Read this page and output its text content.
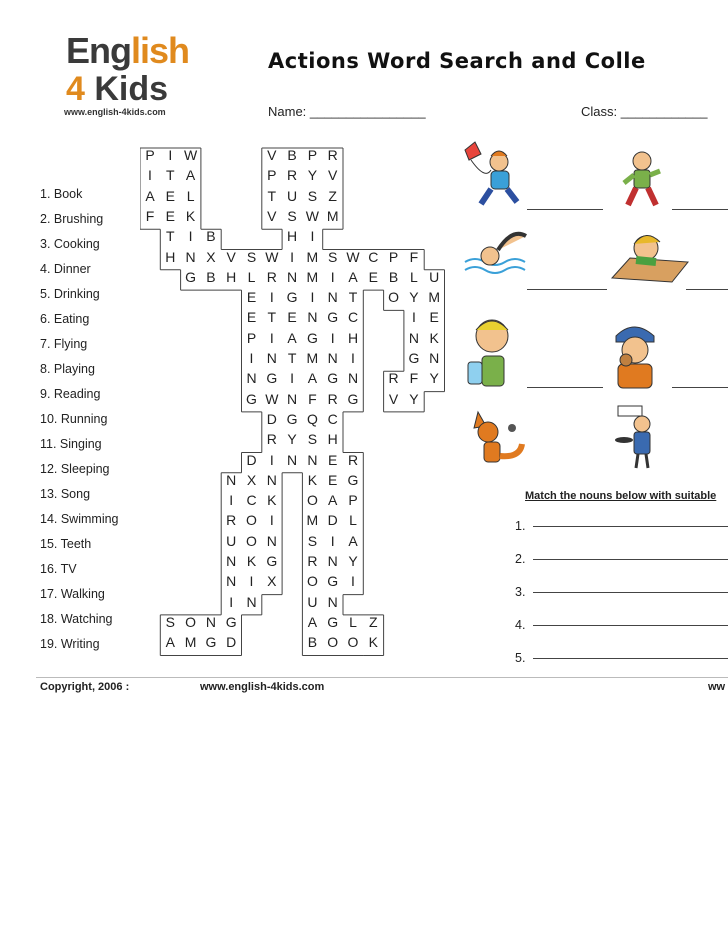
English
4 Kids
www.english-4kids.com
Actions Word Search and Colle
Name: ________________	Class: ____________
1. Book
2. Brushing
3. Cooking
4. Dinner
5. Drinking
6. Eating
7. Flying
8. Playing
9. Reading
10. Running
11. Singing
12. Sleeping
13. Song
14. Swimming
15. Teeth
16. TV
17. Walking
18. Watching
19. Writing
P I W	V B P R
I	T A	P R Y V
A E L	T U S Z
F E K	V S W M
T	I B	H I
H N X V S W I M S W C P F
G B H L R N M I A E B L U
E I G I N T	O Y M
E T E N G C	I E
P I A G I H	N K
I N T M N I	G N
N G I A G N	R F Y
G W N F R G	V Y
D G Q C
R Y S H
D I N N E R
N X N	K E G
I C K	O A P
R O I	M D L
U O N	S I A
N K G	R N Y
N I X	O G I
I N	U N
S O N G	A G L Z
A M G D	B O O K
Match the nouns below with suitable
1.
2.
3.
4.
5.
Copyright, 2006 :	www.english-4kids.com	ww
